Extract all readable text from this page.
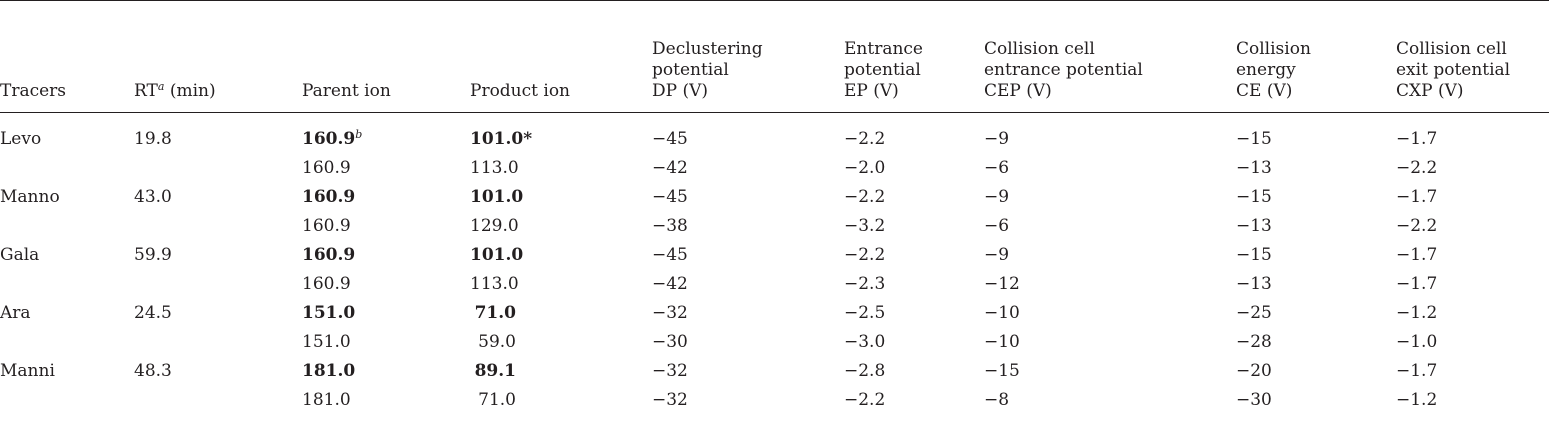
Tracers	$RT^a$ (min)	Parent ion	Product ion	Declustering
potential
DP (V)	Entrance
potential
EP (V)	Collision cell
entrance potential
CEP (V)	Collision
energy
CE (V)	Collision cell
exit potential
CXP (V)

Levo	19.8	160.9$^b$	101.0*	−45	−2.2	−9	−15	−1.7
		160.9	113.0	−42	−2.0	−6	−13	−2.2
Manno	43.0	160.9	101.0	−45	−2.2	−9	−15	−1.7
		160.9	129.0	−38	−3.2	−6	−13	−2.2
Gala	59.9	160.9	101.0	−45	−2.2	−9	−15	−1.7
		160.9	113.0	−42	−2.3	−12	−13	−1.7
Ara	24.5	151.0	71.0	−32	−2.5	−10	−25	−1.2
		151.0	59.0	−30	−3.0	−10	−28	−1.0
Manni	48.3	181.0	89.1	−32	−2.8	−15	−20	−1.7
		181.0	71.0	−32	−2.2	−8	−30	−1.2
